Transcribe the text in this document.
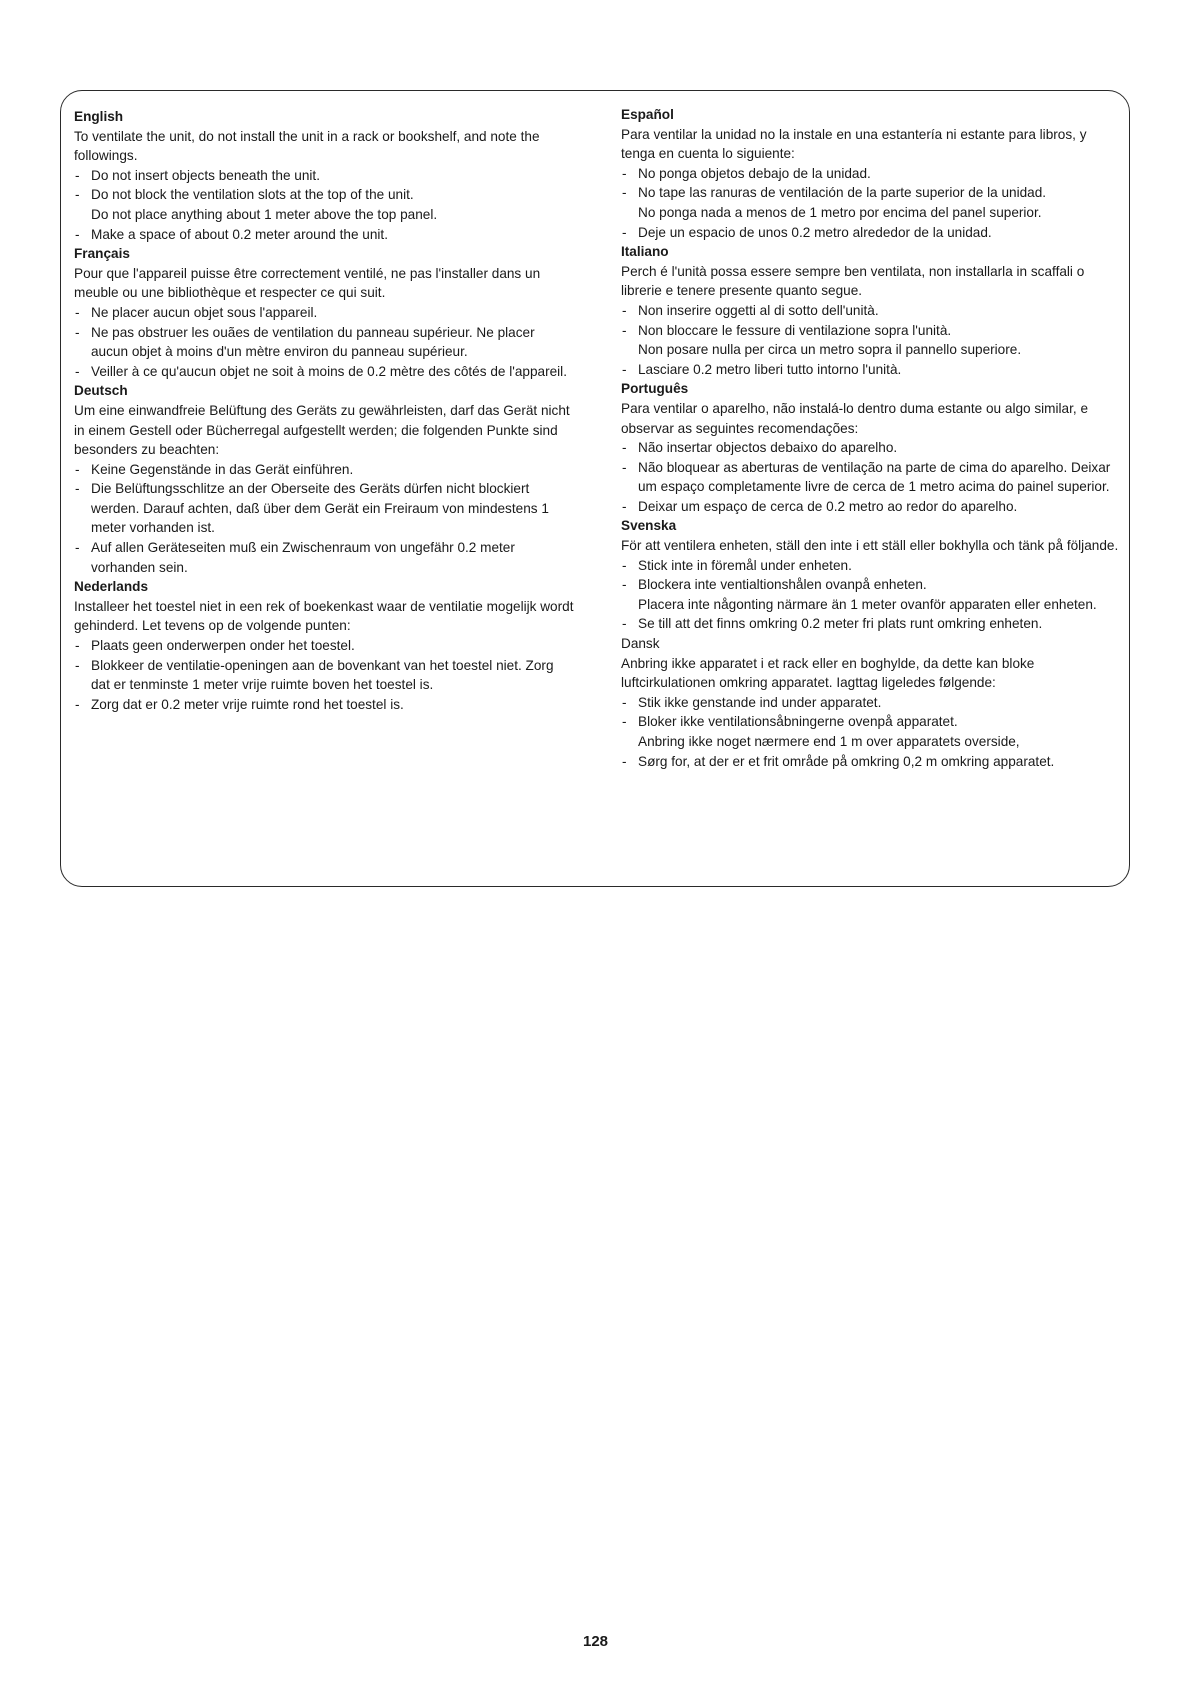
English

To ventilate the unit, do not install the unit in a rack or bookshelf, and note the followings.

- Do not insert objects beneath the unit.
- Do not block the ventilation slots at the top of the unit.
Do not place anything about 1 meter above the top panel.
- Make a space of about 0.2 meter around the unit.
Français

Pour que l'appareil puisse être correctement ventilé, ne pas l'installer dans un meuble ou une bibliothèque et respecter ce qui suit.

- Ne placer aucun objet sous l'appareil.
- Ne pas obstruer les ouães de ventilation du panneau supérieur. Ne placer aucun objet à moins d'un mètre environ du panneau supérieur.
- Veiller à ce qu'aucun objet ne soit à moins de 0.2 mètre des côtés de l'appareil.
Deutsch

Um eine einwandfreie Belüftung des Geräts zu gewährleisten, darf das Gerät nicht in einem Gestell oder Bücherregal aufgestellt werden; die folgenden Punkte sind besonders zu beachten:

- Keine Gegenstände in das Gerät einführen.
- Die Belüftungsschlitze an der Oberseite des Geräts dürfen nicht blockiert werden. Darauf achten, daß über dem Gerät ein Freiraum von mindestens 1 meter vorhanden ist.
- Auf allen Geräteseiten muß ein Zwischenraum von ungefähr 0.2 meter vorhanden sein.
Nederlands

Installeer het toestel niet in een rek of boekenkast waar de ventilatie mogelijk wordt gehinderd. Let tevens op de volgende punten:

- Plaats geen onderwerpen onder het toestel.
- Blokkeer de ventilatie-openingen aan de bovenkant van het toestel niet. Zorg dat er tenminste 1 meter vrije ruimte boven het toestel is.
- Zorg dat er 0.2 meter vrije ruimte rond het toestel is.
Español

Para ventilar la unidad no la instale en una estantería ni estante para libros, y tenga en cuenta lo siguiente:

- No ponga objetos debajo de la unidad.
- No tape las ranuras de ventilación de la parte superior de la unidad.
No ponga nada a menos de 1 metro por encima del panel superior.
- Deje un espacio de unos 0.2 metro alrededor de la unidad.
Italiano

Perch é l'unità possa essere sempre ben ventilata, non installarla in scaffali o librerie e tenere presente quanto segue.

- Non inserire oggetti al di sotto dell'unità.
- Non bloccare le fessure di ventilazione sopra l'unità.
Non posare nulla per circa un metro sopra il pannello superiore.
- Lasciare 0.2 metro liberi tutto intorno l'unità.
Português

Para ventilar o aparelho, não instalá-lo dentro duma estante ou algo similar, e observar as seguintes recomendações:

- Não insertar objectos debaixo do aparelho.
- Não bloquear as aberturas de ventilação na parte de cima do aparelho. Deixar um espaço completamente livre de cerca de 1 metro acima do painel superior.
- Deixar um espaço de cerca de 0.2 metro ao redor do aparelho.
Svenska

För att ventilera enheten, ställ den inte i ett ställ eller bokhylla och tänk på följande.

- Stick inte in föremål under enheten.
- Blockera inte ventialtionshålen ovanpå enheten.
Placera inte någonting närmare än 1 meter ovanför apparaten eller enheten.
- Se till att det finns omkring 0.2 meter fri plats runt omkring enheten.
Dansk

Anbring ikke apparatet i et rack eller en boghylde, da dette kan bloke luftcirkulationen omkring apparatet. Iagttag ligeledes følgende:

- Stik ikke genstande ind under apparatet.
- Bloker ikke ventilationsåbningerne ovenpå apparatet.
Anbring ikke noget nærmere end 1 m over apparatets overside,
- Sørg for, at der er et frit område på omkring 0,2 m omkring apparatet.
128
